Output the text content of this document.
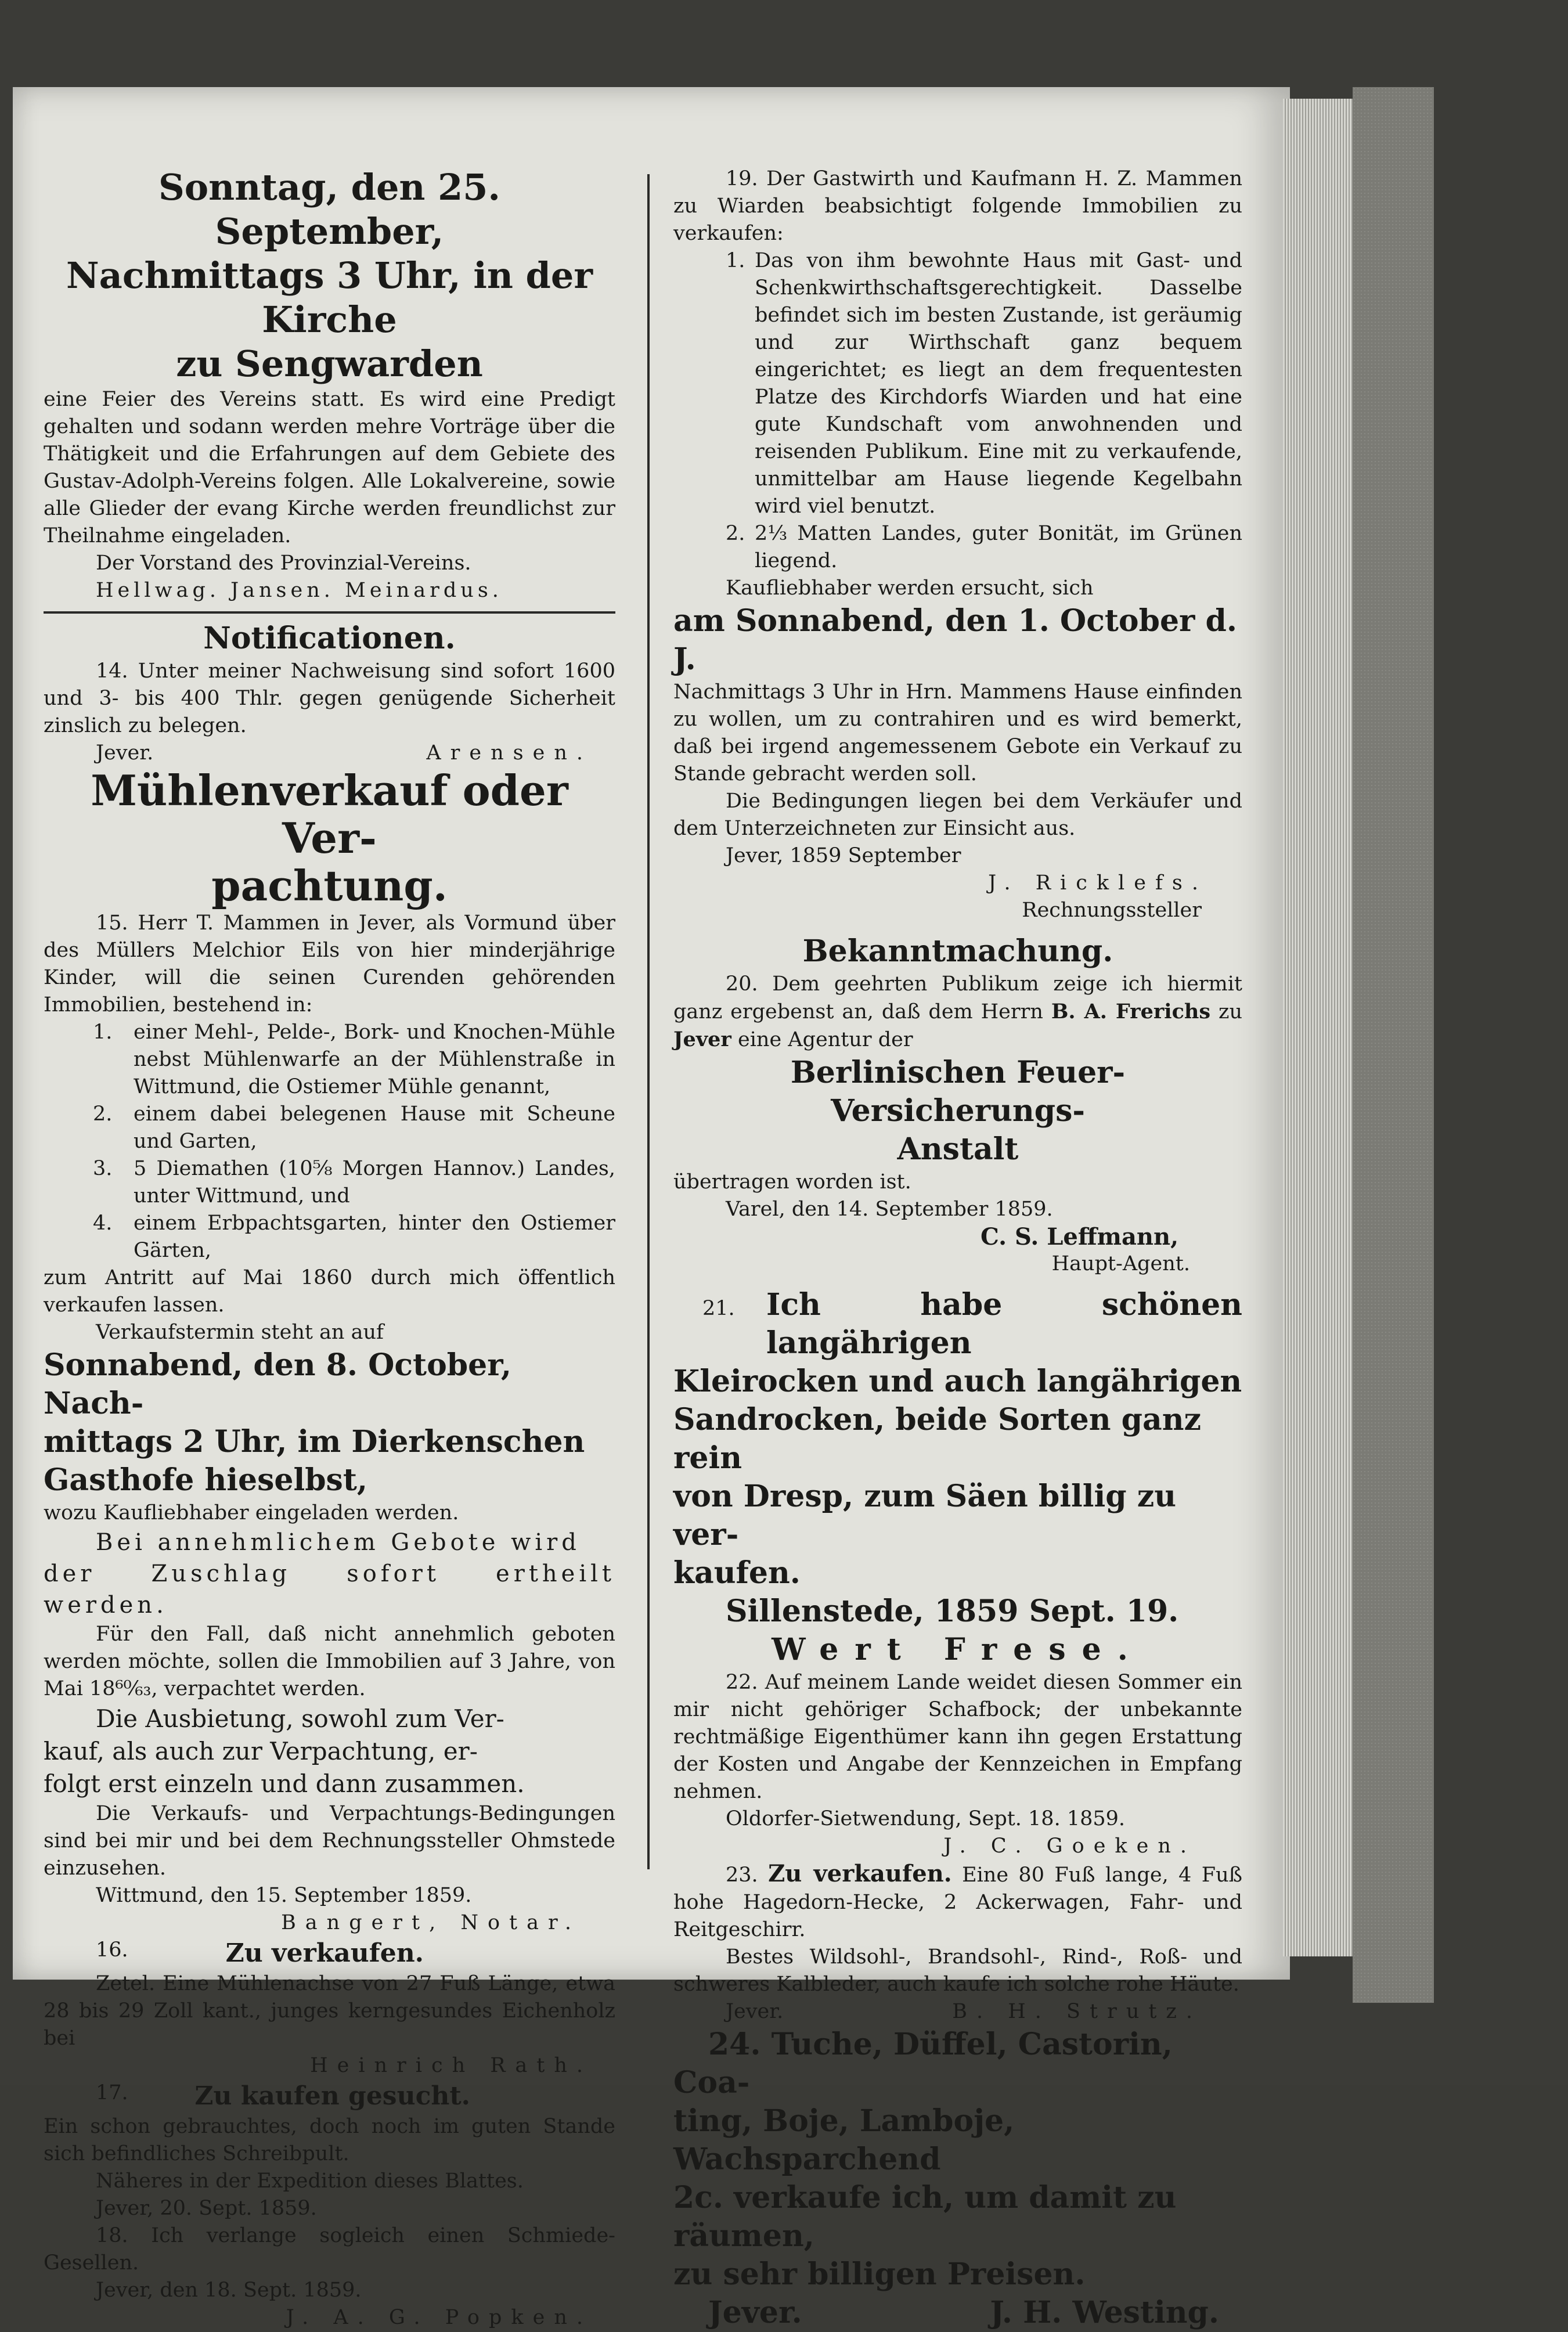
Sonntag, den 25. September,

Nachmittags 3 Uhr, in der Kirche

zu Sengwarden

eine Feier des Vereins statt. Es wird eine Predigt gehalten und sodann werden mehre Vorträge über die Thätigkeit und die Erfahrungen auf dem Gebiete des Gustav-Adolph-Vereins folgen. Alle Lokalvereine, sowie alle Glieder der evang Kirche werden freundlichst zur Theilnahme eingeladen.

Der Vorstand des Provinzial-Vereins.

Hellwag. Jansen. Meinardus.

Notificationen.

14. Unter meiner Nachweisung sind sofort 1600 und 3- bis 400 Thlr. gegen genügende Sicherheit zinslich zu belegen.

Jever.	Arensen.

Mühlenverkauf oder Ver-

pachtung.

15. Herr T. Mammen in Jever, als Vormund über des Müllers Melchior Eils von hier minderjährige Kinder, will die seinen Curenden gehörenden Immobilien, bestehend in:

1. einer Mehl-, Pelde-, Bork- und Knochen-Mühle nebst Mühlenwarfe an der Mühlenstraße in Wittmund, die Ostiemer Mühle genannt,
2. einem dabei belegenen Hause mit Scheune und Garten,
3. 5 Diemathen (10⅝ Morgen Hannov.) Landes, unter Wittmund, und
4. einem Erbpachtsgarten, hinter den Ostiemer Gärten,

zum Antritt auf Mai 1860 durch mich öffentlich verkaufen lassen.

Verkaufstermin steht an auf

Sonnabend, den 8. October, Nach-

mittags 2 Uhr, im Dierkenschen

Gasthofe hieselbst,

wozu Kaufliebhaber eingeladen werden.

Bei annehmlichem Gebote wird

der Zuschlag sofort ertheilt werden.

Für den Fall, daß nicht annehmlich geboten werden möchte, sollen die Immobilien auf 3 Jahre, von Mai 18⁶⁰⁄₆₃, verpachtet werden.

Die Ausbietung, sowohl zum Ver-

kauf, als auch zur Verpachtung, er-

folgt erst einzeln und dann zusammen.

Die Verkaufs- und Verpachtungs-Bedingungen sind bei mir und bei dem Rechnungssteller Ohmstede einzusehen.

Wittmund, den 15. September 1859.

Bangert, Notar.

16.	Zu verkaufen.

Zetel. Eine Mühlenachse von 27 Fuß Länge, etwa 28 bis 29 Zoll kant., junges kerngesundes Eichenholz bei

Heinrich Rath.

17.	Zu kaufen gesucht.

Ein schon gebrauchtes, doch noch im guten Stande sich befindliches Schreibpult.

Näheres in der Expedition dieses Blattes.

Jever, 20. Sept. 1859.

18. Ich verlange sogleich einen Schmiede-Gesellen.

Jever, den 18. Sept. 1859.

J. A. G. Popken.

19. Der Gastwirth und Kaufmann H. Z. Mammen zu Wiarden beabsichtigt folgende Immobilien zu verkaufen:

1. Das von ihm bewohnte Haus mit Gast- und Schenkwirthschaftsgerechtigkeit. Dasselbe befindet sich im besten Zustande, ist geräumig und zur Wirthschaft ganz bequem eingerichtet; es liegt an dem frequentesten Platze des Kirchdorfs Wiarden und hat eine gute Kundschaft vom anwohnenden und reisenden Publikum. Eine mit zu verkaufende, unmittelbar am Hause liegende Kegelbahn wird viel benutzt.
2. 2⅓ Matten Landes, guter Bonität, im Grünen liegend.

Kaufliebhaber werden ersucht, sich

am Sonnabend, den 1. October d. J.

Nachmittags 3 Uhr in Hrn. Mammens Hause einfinden zu wollen, um zu contrahiren und es wird bemerkt, daß bei irgend angemessenem Gebote ein Verkauf zu Stande gebracht werden soll.

Die Bedingungen liegen bei dem Verkäufer und dem Unterzeichneten zur Einsicht aus.

Jever, 1859 September

J. Ricklefs.

Rechnungssteller

Bekanntmachung.

20. Dem geehrten Publikum zeige ich hiermit ganz ergebenst an, daß dem Herrn B. A. Frerichs zu Jever eine Agentur der

Berlinischen Feuer-Versicherungs-

Anstalt

übertragen worden ist.

Varel, den 14. September 1859.

C. S. Leffmann,

Haupt-Agent.

21.	Ich habe schönen langährigen

Kleirocken und auch langährigen

Sandrocken, beide Sorten ganz rein

von Dresp, zum Säen billig zu ver-

kaufen.

Sillenstede, 1859 Sept. 19.

Wert Frese.

22. Auf meinem Lande weidet diesen Sommer ein mir nicht gehöriger Schafbock; der unbekannte rechtmäßige Eigenthümer kann ihn gegen Erstattung der Kosten und Angabe der Kennzeichen in Empfang nehmen.

Oldorfer-Sietwendung, Sept. 18. 1859.

J. C. Goeken.

23. Zu verkaufen. Eine 80 Fuß lange, 4 Fuß hohe Hagedorn-Hecke, 2 Ackerwagen, Fahr- und Reitgeschirr.

Bestes Wildsohl-, Brandsohl-, Rind-, Roß- und schweres Kalbleder, auch kaufe ich solche rohe Häute.

Jever.	B. H. Strutz.

24. Tuche, Düffel, Castorin, Coa-

ting, Boje, Lamboje, Wachsparchend

2c. verkaufe ich, um damit zu räumen,

zu sehr billigen Preisen.

Jever.	J. H. Westing.
